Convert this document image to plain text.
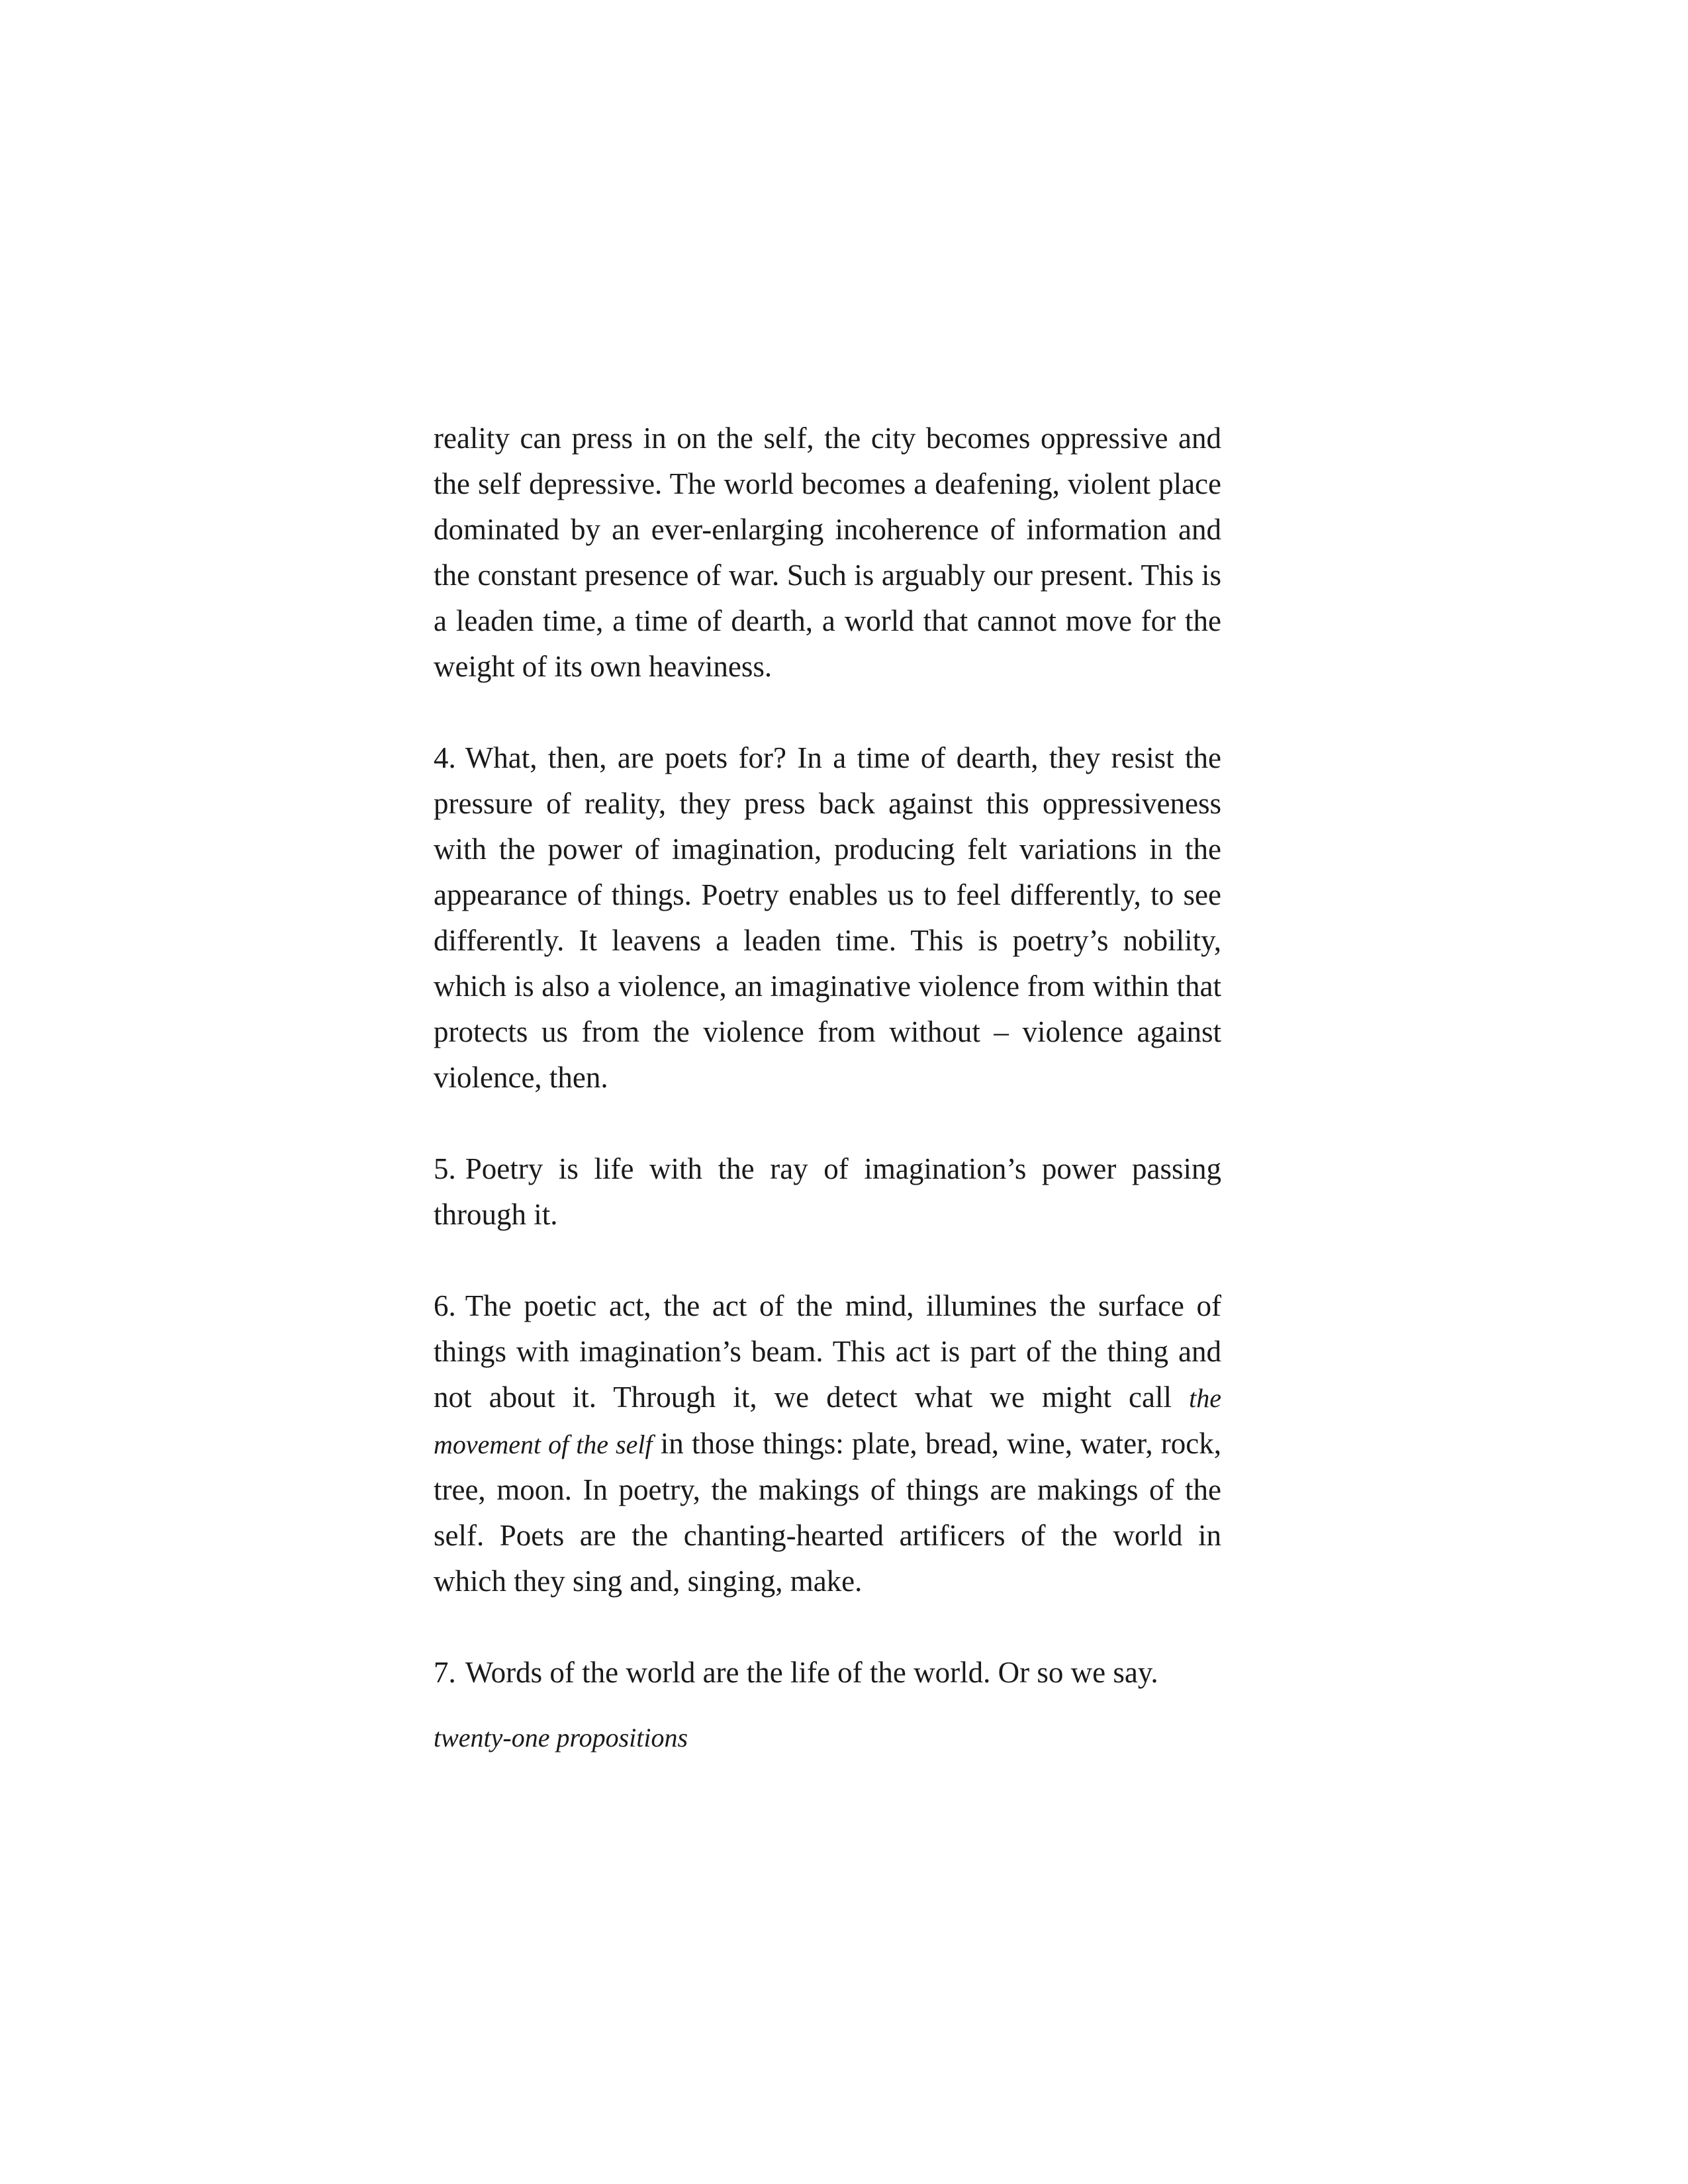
reality can press in on the self, the city becomes oppressive and the self depressive. The world becomes a deafening, violent place dominated by an ever-enlarging incoherence of information and the constant presence of war. Such is arguably our present. This is a leaden time, a time of dearth, a world that cannot move for the weight of its own heaviness.

4. What, then, are poets for? In a time of dearth, they resist the pressure of reality, they press back against this oppressiveness with the power of imagination, producing felt variations in the appearance of things. Poetry enables us to feel differently, to see differently. It leavens a leaden time. This is poetry’s nobility, which is also a violence, an imaginative violence from within that protects us from the violence from without – violence against violence, then.

5. Poetry is life with the ray of imagination’s power passing through it.

6. The poetic act, the act of the mind, illumines the surface of things with imagination’s beam. This act is part of the thing and not about it. Through it, we detect what we might call the movement of the self in those things: plate, bread, wine, water, rock, tree, moon. In poetry, the makings of things are makings of the self. Poets are the chanting-hearted artificers of the world in which they sing and, singing, make.

7. Words of the world are the life of the world. Or so we say.

twenty-one propositions
